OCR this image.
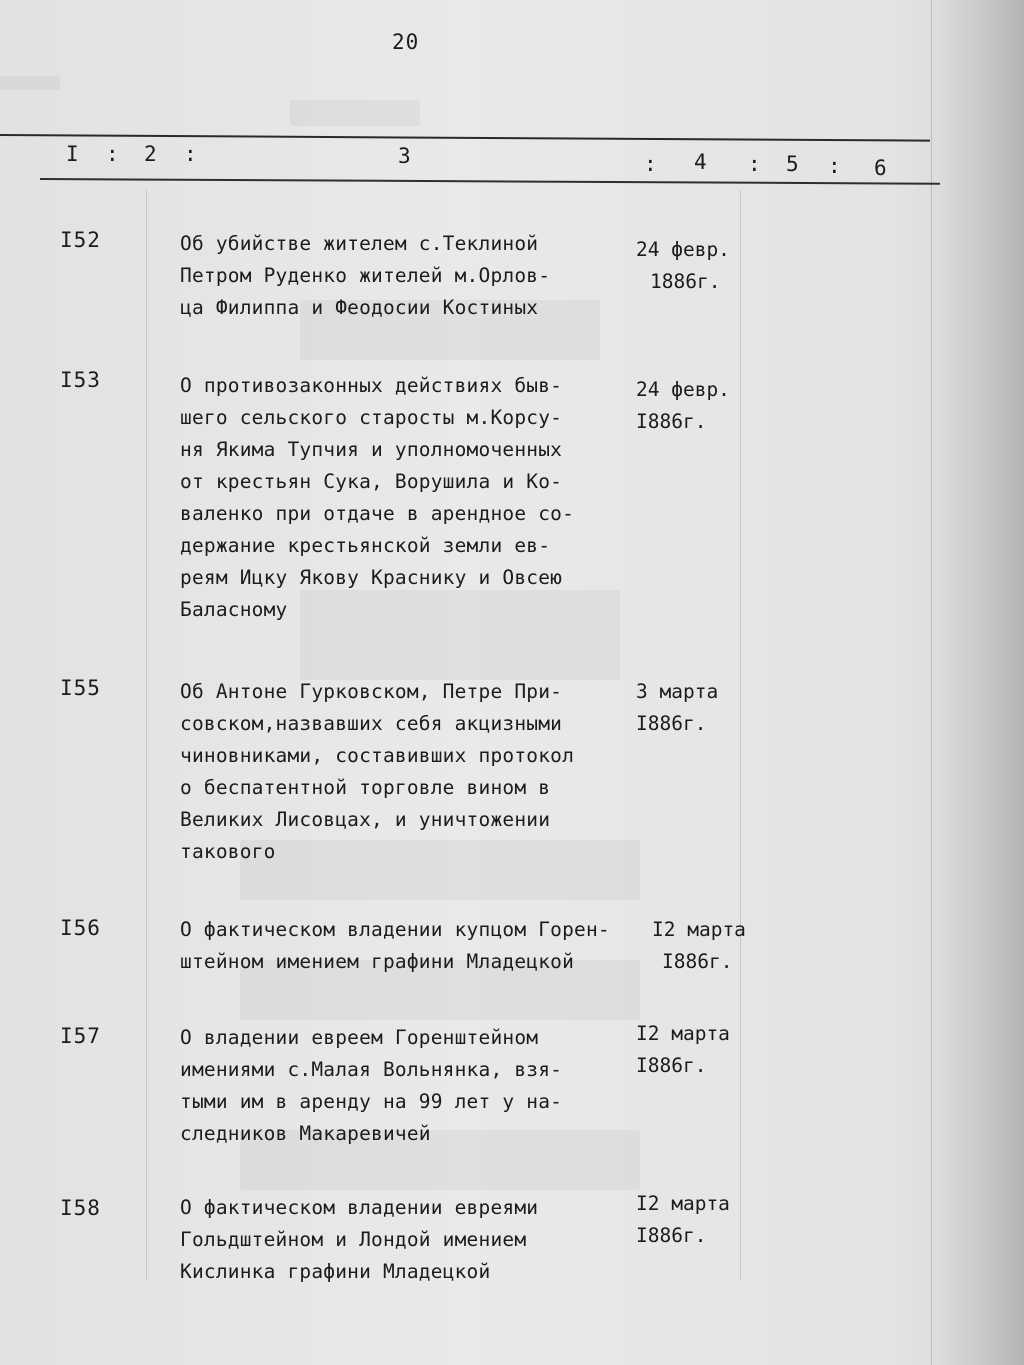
20
I : 2 :	3	: 4 : 5 : 6
I52	Об убийстве жителем с.Теклиной
Петром Руденко жителей м.Орлов-
ца Филиппа и Феодосии Костиных
24 февр.
1886г.
I53	О противозаконных действиях быв-
шего сельского старосты м.Корсу-
ня Якима Тупчия и уполномоченных
от крестьян Сука, Ворушила и Ко-
валенко при отдаче в арендное со-
держание крестьянской земли ев-
реям Ицку Якову Краснику и Овсею
Баласному
24 февр.
I886г.
I55	Об Антоне Гурковском, Петре При-
совском,назвавших себя акцизными
чиновниками, составивших протокол
о беспатентной торговле вином в
Великих Лисовцах, и уничтожении
такового
3 марта
I886г.
I56	О фактическом владении купцом Горен-
штейном имением графини Младецкой
I2 марта
I886г.
I57	О владении евреем Горенштейном
имениями с.Малая Вольнянка, взя-
тыми им в аренду на 99 лет у на-
следников Макаревичей
I2 марта
I886г.
I58	О фактическом владении евреями
Гольдштейном и Лондой имением
Кислинка графини Младецкой
I2 марта
I886г.
